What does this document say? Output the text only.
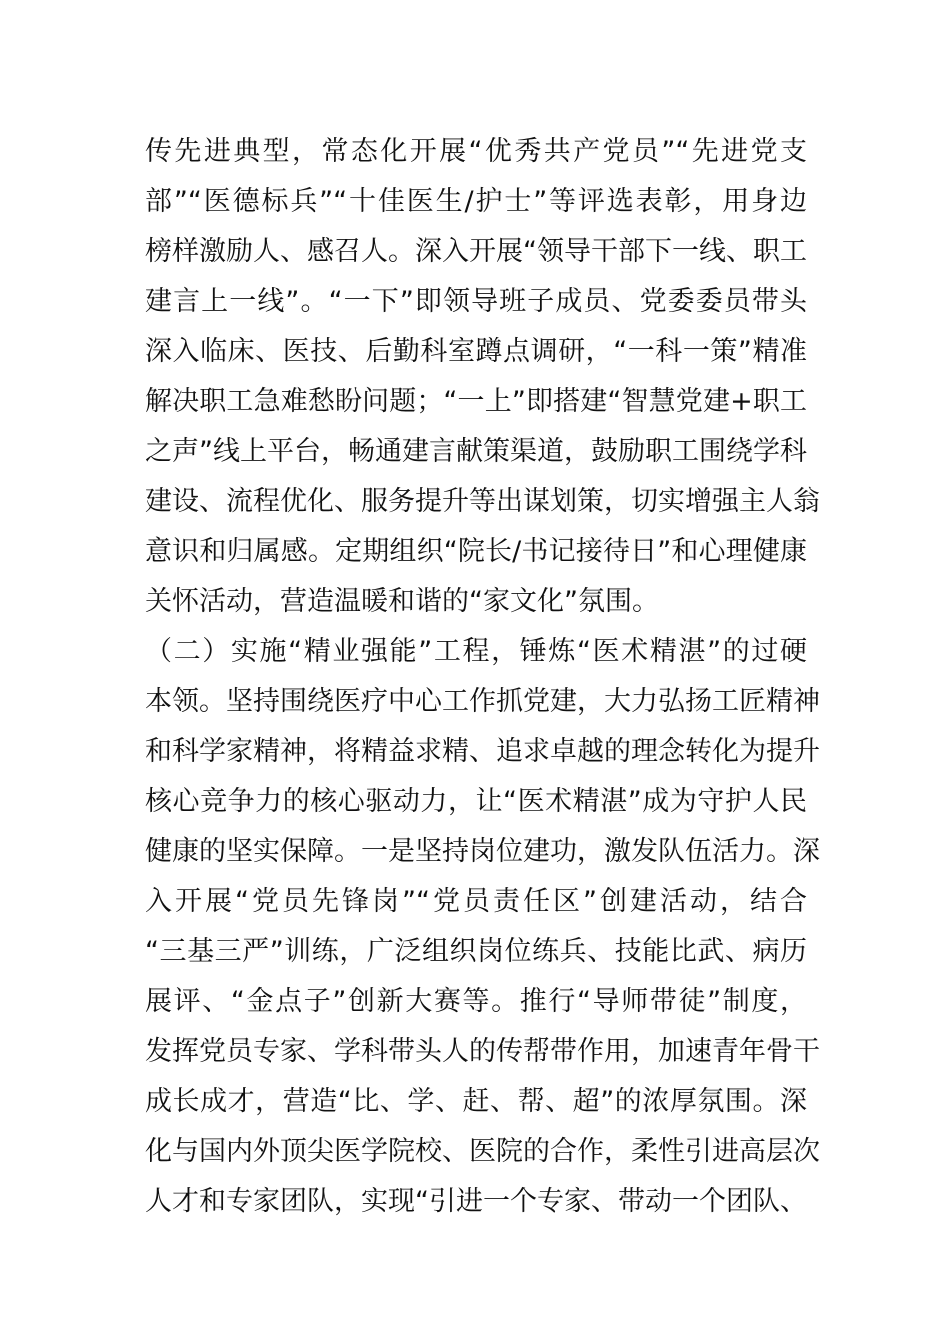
传先进典型，常态化开展“优秀共产党员”“先进党支
部”“医德标兵”“十佳医生/护士”等评选表彰，用身边
榜样激励人、感召人。深入开展“领导干部下一线、职工
建言上一线”。“一下”即领导班子成员、党委委员带头
深入临床、医技、后勤科室蹲点调研，“一科一策”精准
解决职工急难愁盼问题；“一上”即搭建“智慧党建+职工
之声”线上平台，畅通建言献策渠道，鼓励职工围绕学科
建设、流程优化、服务提升等出谋划策，切实增强主人翁
意识和归属感。定期组织“院长/书记接待日”和心理健康
关怀活动，营造温暖和谐的“家文化”氛围。
（二）实施“精业强能”工程，锤炼“医术精湛”的过硬
本领。坚持围绕医疗中心工作抓党建，大力弘扬工匠精神
和科学家精神，将精益求精、追求卓越的理念转化为提升
核心竞争力的核心驱动力，让“医术精湛”成为守护人民
健康的坚实保障。一是坚持岗位建功，激发队伍活力。深
入开展“党员先锋岗”“党员责任区”创建活动，结合
“三基三严”训练，广泛组织岗位练兵、技能比武、病历
展评、“金点子”创新大赛等。推行“导师带徒”制度，
发挥党员专家、学科带头人的传帮带作用，加速青年骨干
成长成才，营造“比、学、赶、帮、超”的浓厚氛围。深
化与国内外顶尖医学院校、医院的合作，柔性引进高层次
人才和专家团队，实现“引进一个专家、带动一个团队、
